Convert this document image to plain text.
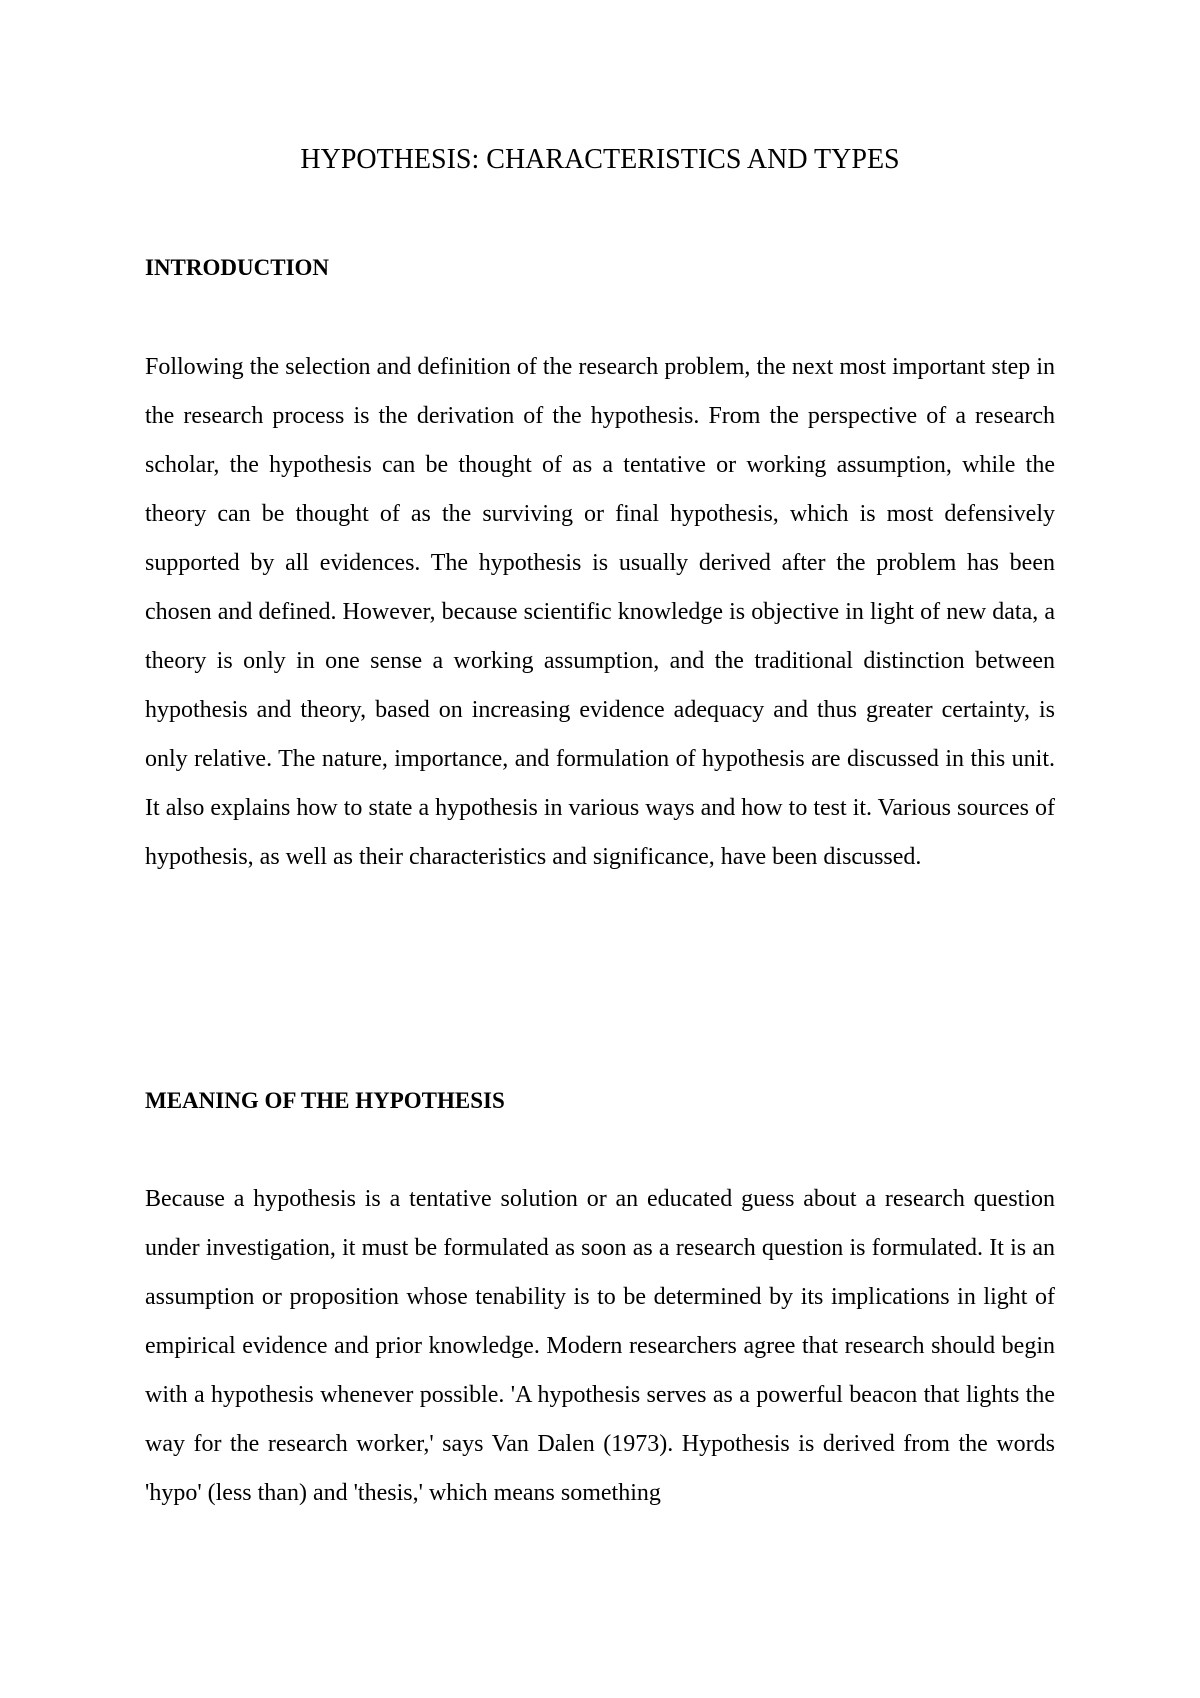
HYPOTHESIS: CHARACTERISTICS AND TYPES
INTRODUCTION

Following the selection and definition of the research problem, the next most important step in the research process is the derivation of the hypothesis. From the perspective of a research scholar, the hypothesis can be thought of as a tentative or working assumption, while the theory can be thought of as the surviving or final hypothesis, which is most defensively supported by all evidences. The hypothesis is usually derived after the problem has been chosen and defined. However, because scientific knowledge is objective in light of new data, a theory is only in one sense a working assumption, and the traditional distinction between hypothesis and theory, based on increasing evidence adequacy and thus greater certainty, is only relative. The nature, importance, and formulation of hypothesis are discussed in this unit. It also explains how to state a hypothesis in various ways and how to test it. Various sources of hypothesis, as well as their characteristics and significance, have been discussed.

MEANING OF THE HYPOTHESIS

Because a hypothesis is a tentative solution or an educated guess about a research question under investigation, it must be formulated as soon as a research question is formulated. It is an assumption or proposition whose tenability is to be determined by its implications in light of empirical evidence and prior knowledge. Modern researchers agree that research should begin with a hypothesis whenever possible. 'A hypothesis serves as a powerful beacon that lights the way for the research worker,' says Van Dalen (1973). Hypothesis is derived from the words 'hypo' (less than) and 'thesis,' which means something
